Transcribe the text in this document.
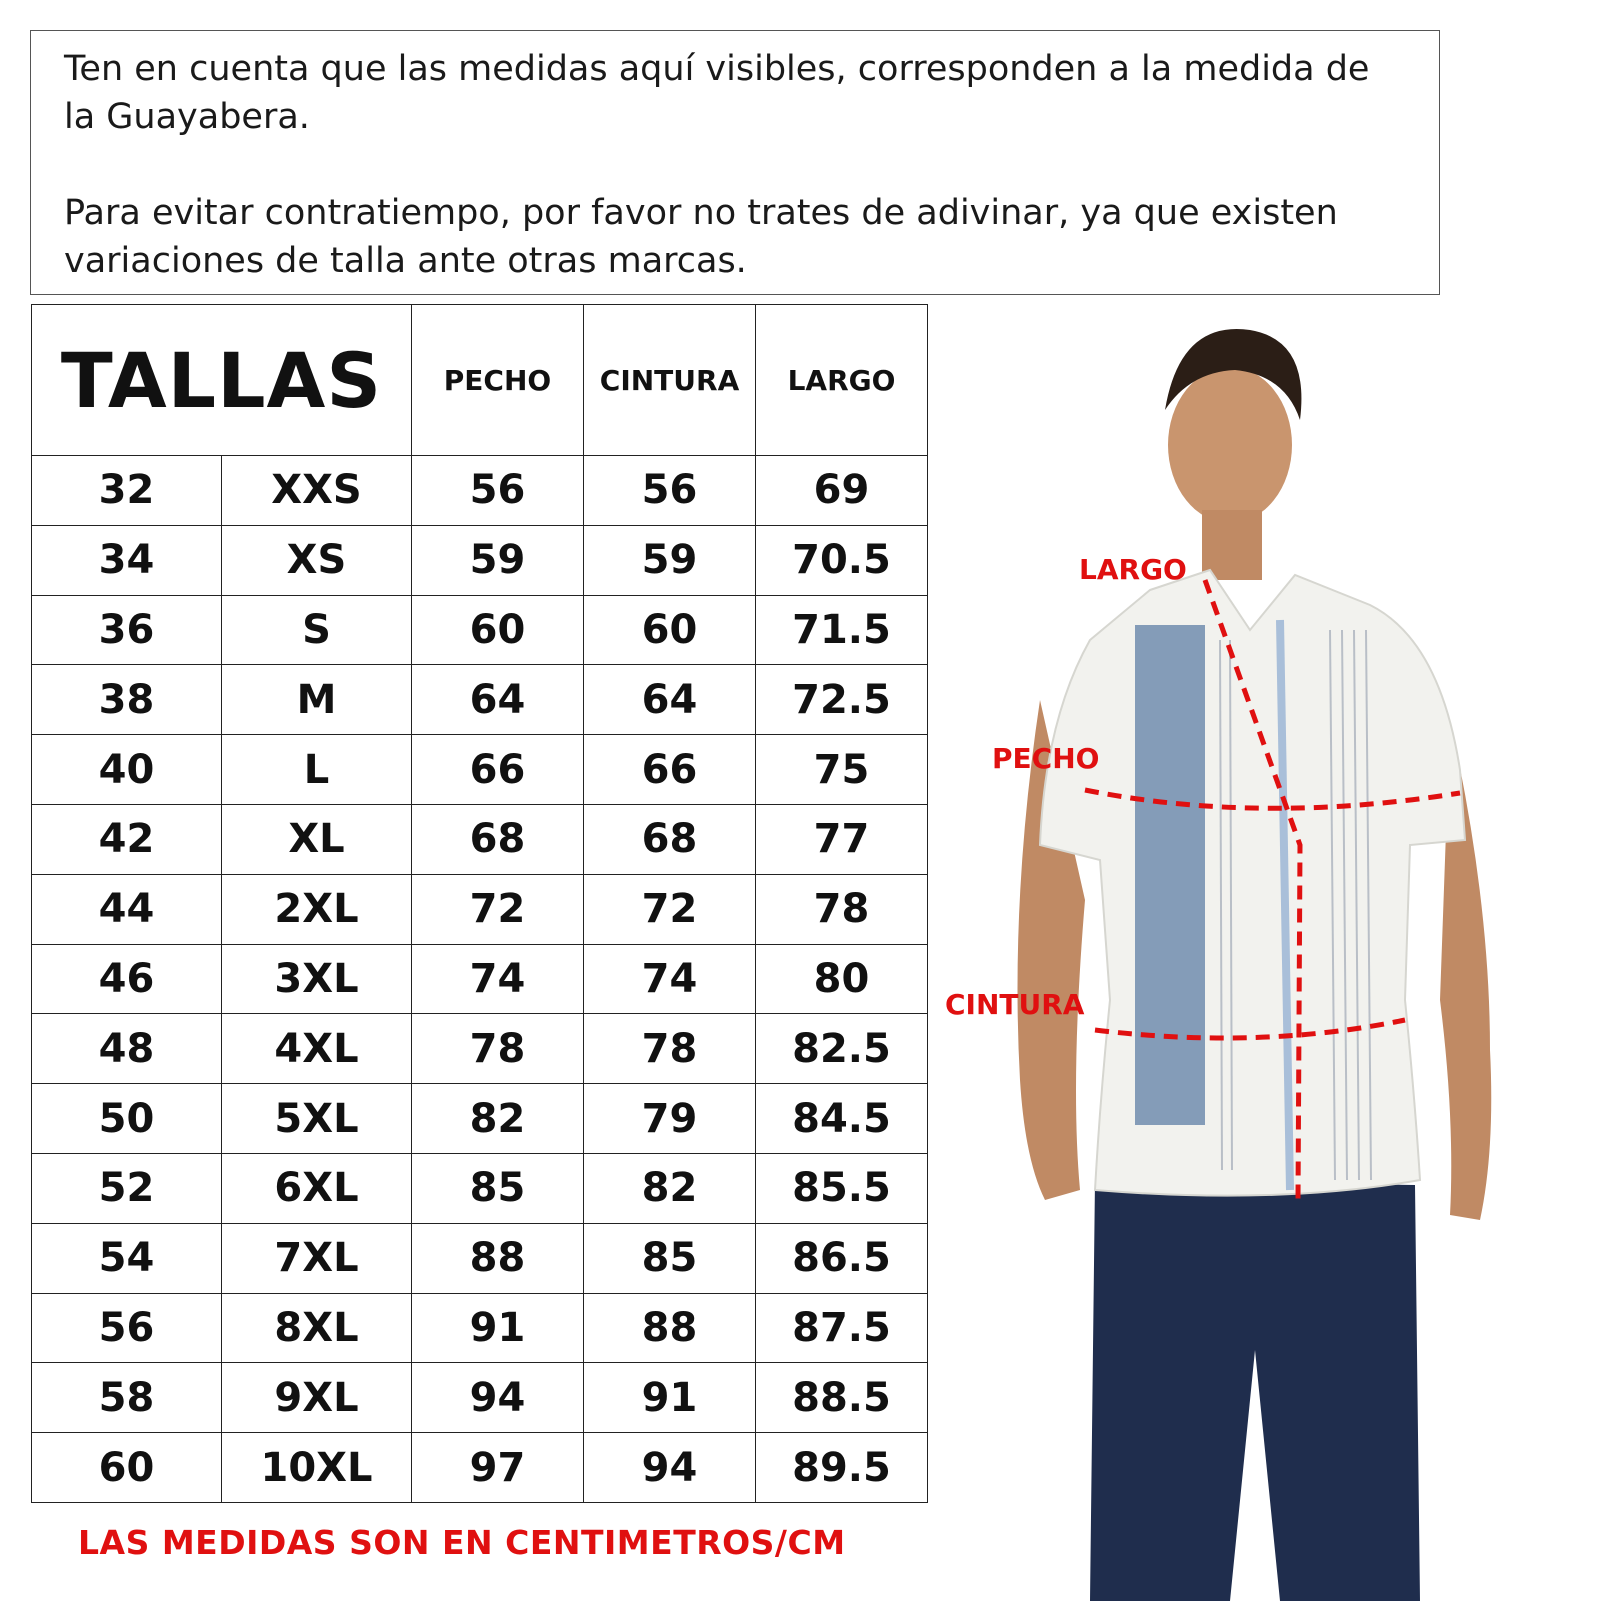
Ten en cuenta que las medidas aquí visibles, corresponden a la medida de la Guayabera.

Para evitar contratiempo, por favor no trates de adivinar, ya que existen variaciones de talla ante otras marcas.

TALLAS		PECHO	CINTURA	LARGO
32	XXS	56	56	69
34	XS	59	59	70.5
36	S	60	60	71.5
38	M	64	64	72.5
40	L	66	66	75
42	XL	68	68	77
44	2XL	72	72	78
46	3XL	74	74	80
48	4XL	78	78	82.5
50	5XL	82	79	84.5
52	6XL	85	82	85.5
54	7XL	88	85	86.5
56	8XL	91	88	87.5
58	9XL	94	91	88.5
60	10XL	97	94	89.5
LAS MEDIDAS SON EN CENTIMETROS/CM
LARGO
PECHO
CINTURA
